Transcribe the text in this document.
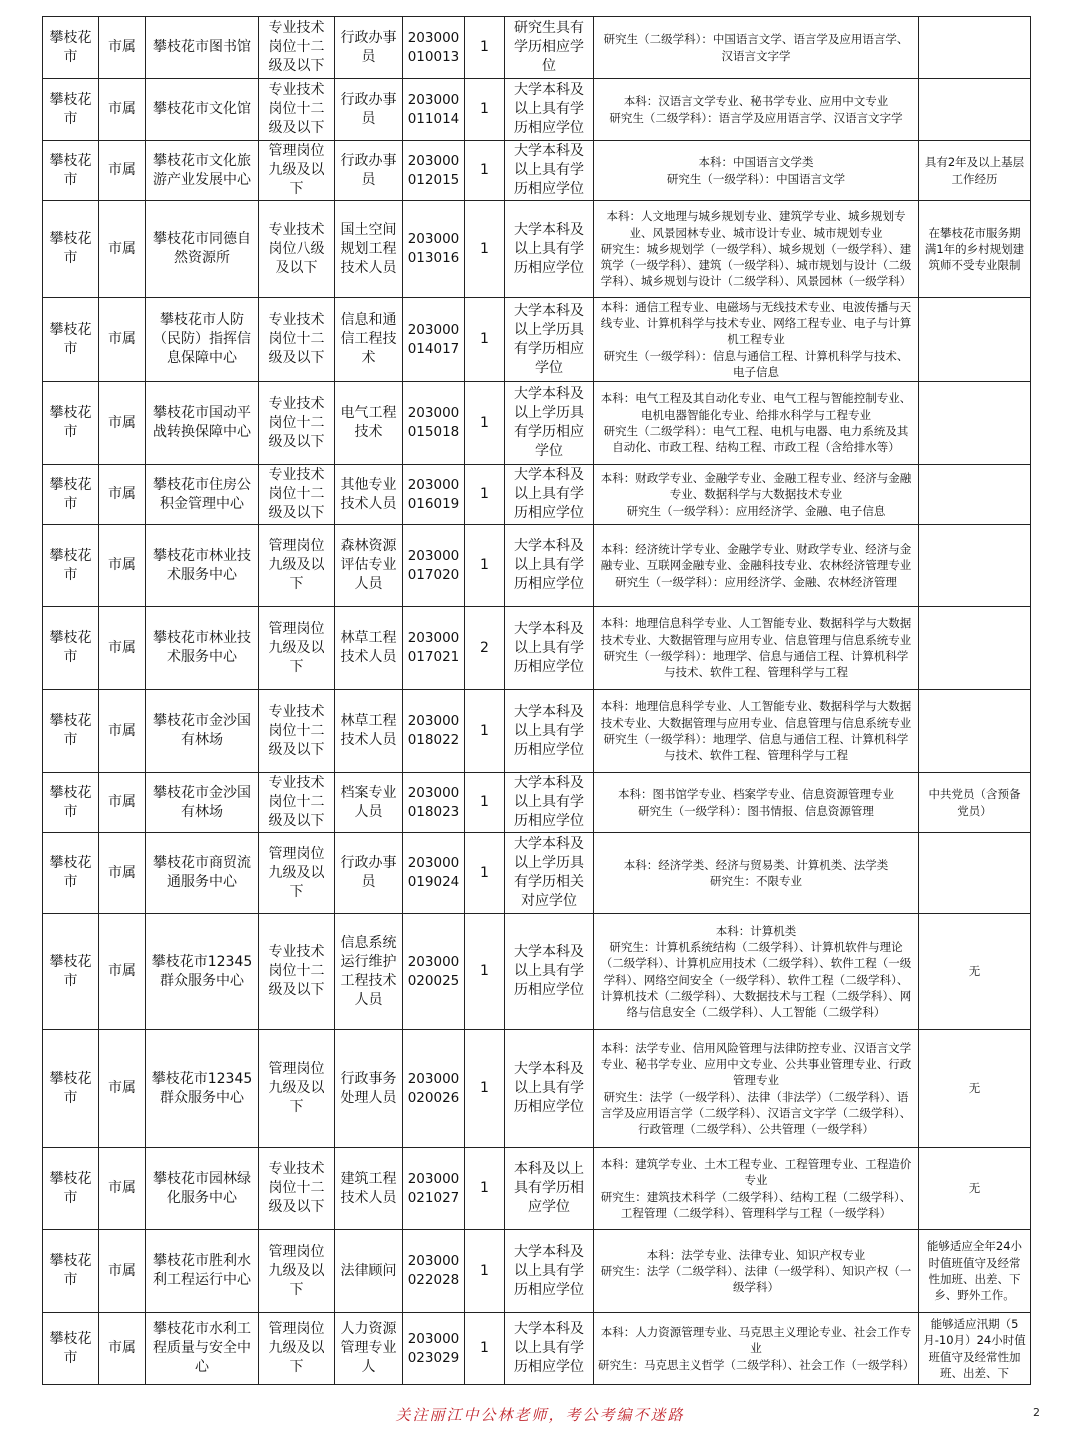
攀枝花市	市属	攀枝花市图书馆	专业技术岗位十二级及以下	行政办事员	203000010013	1	研究生具有学历相应学位	研究生（二级学科）：中国语言文学、语言学及应用语言学、汉语言文字学	

攀枝花市	市属	攀枝花市文化馆	专业技术岗位十二级及以下	行政办事员	203000011014	1	大学本科及以上具有学历相应学位	本科：汉语言文学专业、秘书学专业、应用中文专业
研究生（二级学科）：语言学及应用语言学、汉语言文字学	

攀枝花市	市属	攀枝花市文化旅游产业发展中心	管理岗位九级及以下	行政办事员	203000012015	1	大学本科及以上具有学历相应学位	本科：中国语言文学类
研究生（一级学科）：中国语言文学	具有2年及以上基层工作经历
攀枝花市	市属	攀枝花市同德自然资源所	专业技术岗位八级及以下	国土空间规划工程技术人员	203000013016	1	大学本科及以上具有学历相应学位	本科：人文地理与城乡规划专业、建筑学专业、城乡规划专业、风景园林专业、城市设计专业、城市规划专业
研究生：城乡规划学（一级学科）、城乡规划（一级学科）、建筑学（一级学科）、建筑（一级学科）、城市规划与设计（二级学科）、城乡规划与设计（二级学科）、风景园林（一级学科）	在攀枝花市服务期满1年的乡村规划建筑师不受专业限制
攀枝花市	市属	攀枝花市人防（民防）指挥信息保障中心	专业技术岗位十二级及以下	信息和通信工程技术	203000014017	1	大学本科及以上学历具有学历相应学位	本科：通信工程专业、电磁场与无线技术专业、电波传播与天线专业、计算机科学与技术专业、网络工程专业、电子与计算机工程专业
研究生（一级学科）：信息与通信工程、计算机科学与技术、电子信息	

攀枝花市	市属	攀枝花市国动平战转换保障中心	专业技术岗位十二级及以下	电气工程技术	203000015018	1	大学本科及以上学历具有学历相应学位	本科：电气工程及其自动化专业、电气工程与智能控制专业、电机电器智能化专业、给排水科学与工程专业
研究生（二级学科）：电气工程、电机与电器、电力系统及其自动化、市政工程、结构工程、市政工程（含给排水等）	

攀枝花市	市属	攀枝花市住房公积金管理中心	专业技术岗位十二级及以下	其他专业技术人员	203000016019	1	大学本科及以上具有学历相应学位	本科：财政学专业、金融学专业、金融工程专业、经济与金融专业、数据科学与大数据技术专业
研究生（一级学科）：应用经济学、金融、电子信息	

攀枝花市	市属	攀枝花市林业技术服务中心	管理岗位九级及以下	森林资源评估专业人员	203000017020	1	大学本科及以上具有学历相应学位	本科：经济统计学专业、金融学专业、财政学专业、经济与金融专业、互联网金融专业、金融科技专业、农林经济管理专业
研究生（一级学科）：应用经济学、金融、农林经济管理	

攀枝花市	市属	攀枝花市林业技术服务中心	管理岗位九级及以下	林草工程技术人员	203000017021	2	大学本科及以上具有学历相应学位	本科：地理信息科学专业、人工智能专业、数据科学与大数据技术专业、大数据管理与应用专业、信息管理与信息系统专业
研究生（一级学科）：地理学、信息与通信工程、计算机科学与技术、软件工程、管理科学与工程	

攀枝花市	市属	攀枝花市金沙国有林场	专业技术岗位十二级及以下	林草工程技术人员	203000018022	1	大学本科及以上具有学历相应学位	本科：地理信息科学专业、人工智能专业、数据科学与大数据技术专业、大数据管理与应用专业、信息管理与信息系统专业
研究生（一级学科）：地理学、信息与通信工程、计算机科学与技术、软件工程、管理科学与工程	

攀枝花市	市属	攀枝花市金沙国有林场	专业技术岗位十二级及以下	档案专业人员	203000018023	1	大学本科及以上具有学历相应学位	本科：图书馆学专业、档案学专业、信息资源管理专业
研究生（一级学科）：图书情报、信息资源管理	中共党员（含预备党员）
攀枝花市	市属	攀枝花市商贸流通服务中心	管理岗位九级及以下	行政办事员	203000019024	1	大学本科及以上学历具有学历相关对应学位	本科：经济学类、经济与贸易类、计算机类、法学类
研究生：不限专业	

攀枝花市	市属	攀枝花市12345群众服务中心	专业技术岗位十二级及以下	信息系统运行维护工程技术人员	203000020025	1	大学本科及以上具有学历相应学位	本科：计算机类
研究生：计算机系统结构（二级学科）、计算机软件与理论（二级学科）、计算机应用技术（二级学科）、软件工程（一级学科）、网络空间安全（一级学科）、软件工程（二级学科）、计算机技术（二级学科）、大数据技术与工程（二级学科）、网络与信息安全（二级学科）、人工智能（二级学科）	无
攀枝花市	市属	攀枝花市12345群众服务中心	管理岗位九级及以下	行政事务处理人员	203000020026	1	大学本科及以上具有学历相应学位	本科：法学专业、信用风险管理与法律防控专业、汉语言文学专业、秘书学专业、应用中文专业、公共事业管理专业、行政管理专业
研究生：法学（一级学科）、法律（非法学）（二级学科）、语言学及应用语言学（二级学科）、汉语言文字学（二级学科）、行政管理（二级学科）、公共管理（一级学科）	无
攀枝花市	市属	攀枝花市园林绿化服务中心	专业技术岗位十二级及以下	建筑工程技术人员	203000021027	1	本科及以上具有学历相应学位	本科：建筑学专业、土木工程专业、工程管理专业、工程造价专业
研究生：建筑技术科学（二级学科）、结构工程（二级学科）、工程管理（二级学科）、管理科学与工程（一级学科）	无
攀枝花市	市属	攀枝花市胜利水利工程运行中心	管理岗位九级及以下	法律顾问	203000022028	1	大学本科及以上具有学历相应学位	本科：法学专业、法律专业、知识产权专业
研究生：法学（二级学科）、法律（一级学科）、知识产权（一级学科）	能够适应全年24小时值班值守及经常性加班、出差、下乡、野外工作。
攀枝花市	市属	攀枝花市水利工程质量与安全中心	管理岗位九级及以下	人力资源管理专业人	203000023029	1	大学本科及以上具有学历相应学位	本科：人力资源管理专业、马克思主义理论专业、社会工作专业
研究生：马克思主义哲学（二级学科）、社会工作（一级学科）	能够适应汛期（5月-10月）24小时值班值守及经常性加班、出差、下
关注丽江中公林老师，考公考编不迷路	2
